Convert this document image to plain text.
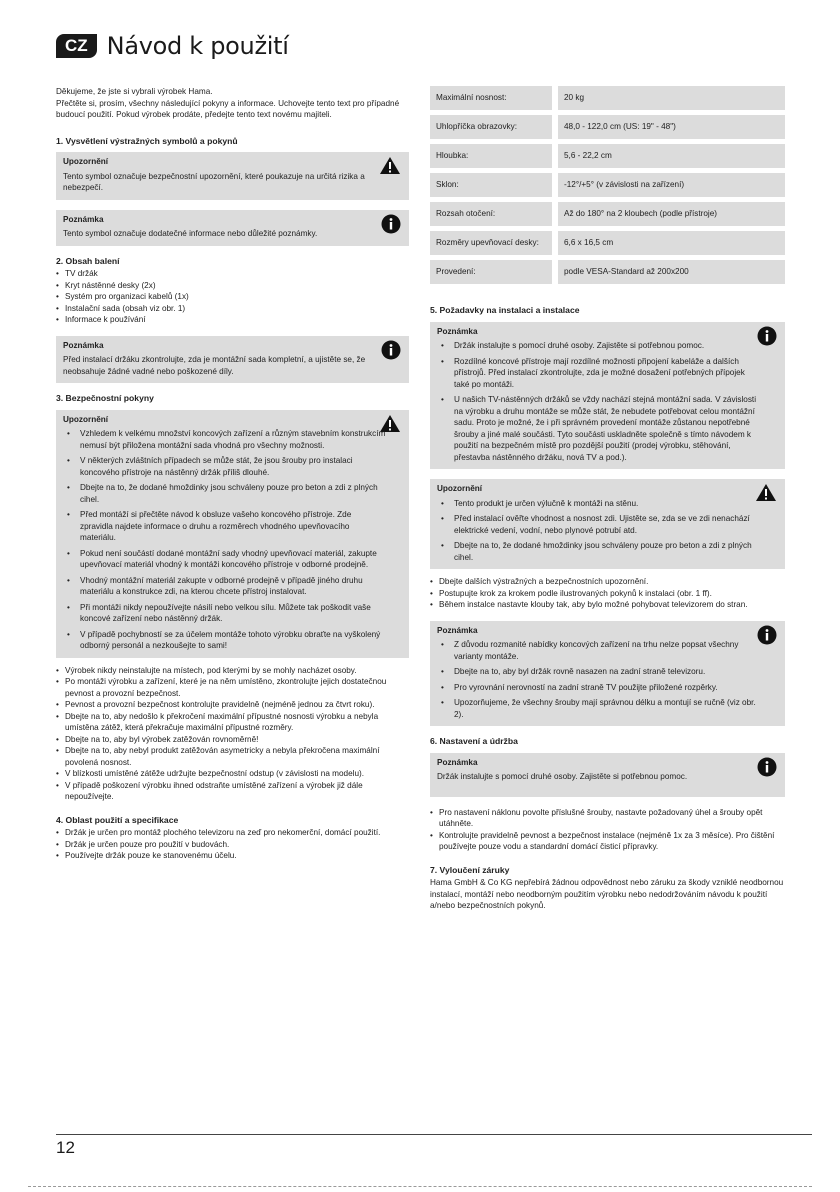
CZ Návod k použití

Děkujeme, že jste si vybrali výrobek Hama.

Přečtěte si, prosím, všechny následující pokyny a informace. Uchovejte tento text pro případné budoucí použití. Pokud výrobek prodáte, předejte tento text novému majiteli.

1. Vysvětlení výstražných symbolů a pokynů
Upozornění

Tento symbol označuje bezpečnostní upozornění, které poukazuje na určitá rizika a nebezpečí.

Poznámka

Tento symbol označuje dodatečné informace nebo důležité poznámky.

2. Obsah balení
• TV držák
• Kryt nástěnné desky (2x)
• Systém pro organizaci kabelů (1x)
• Instalační sada (obsah viz obr. 1)
• Informace k používání
Poznámka

Před instalací držáku zkontrolujte, zda je montážní sada kompletní, a ujistěte se, že neobsahuje žádné vadné nebo poškozené díly.

3. Bezpečnostní pokyny
Upozornění
• Vzhledem k velkému množství koncových zařízení a různým stavebním konstrukcím nemusí být přiložena montážní sada vhodná pro všechny možnosti.
• V některých zvláštních případech se může stát, že jsou šrouby pro instalaci koncového přístroje na nástěnný držák příliš dlouhé.
• Dbejte na to, že dodané hmoždinky jsou schváleny pouze pro beton a zdi z plných cihel.
• Před montáží si přečtěte návod k obsluze vašeho koncového přístroje. Zde zpravidla najdete informace o druhu a rozměrech vhodného upevňovacího materiálu.
• Pokud není součástí dodané montážní sady vhodný upevňovací materiál, zakupte upevňovací materiál vhodný k montáži koncového přístroje v odborné prodejně.
• Vhodný montážní materiál zakupte v odborné prodejně v případě jiného druhu materiálu a konstrukce zdi, na kterou chcete přístroj instalovat.
• Při montáži nikdy nepoužívejte násilí nebo velkou sílu. Můžete tak poškodit vaše koncové zařízení nebo nástěnný držák.
• V případě pochybností se za účelem montáže tohoto výrobku obraťte na vyškolený odborný personál a nezkoušejte to sami!
• Výrobek nikdy neinstalujte na místech, pod kterými by se mohly nacházet osoby.
• Po montáži výrobku a zařízení, které je na něm umístěno, zkontrolujte jejich dostatečnou pevnost a provozní bezpečnost.
• Pevnost a provozní bezpečnost kontrolujte pravidelně (nejméně jednou za čtvrt roku).
• Dbejte na to, aby nedošlo k překročení maximální přípustné nosnosti výrobku a nebyla umístěna zátěž, která překračuje maximální přípustné rozměry.
• Dbejte na to, aby byl výrobek zatěžován rovnoměrně!
• Dbejte na to, aby nebyl produkt zatěžován asymetricky a nebyla překročena maximální povolená nosnost.
• V blízkosti umístěné zátěže udržujte bezpečnostní odstup (v závislosti na modelu).
• V případě poškození výrobku ihned odstraňte umístěné zařízení a výrobek již dále nepoužívejte.
4. Oblast použití a specifikace
• Držák je určen pro montáž plochého televizoru na zeď pro nekomerční, domácí použití.
• Držák je určen pouze pro použití v budovách.
• Používejte držák pouze ke stanovenému účelu.
Maximální nosnost:	20 kg
Uhlopříčka obrazovky:	48,0 - 122,0 cm (US: 19" - 48")
Hloubka:	5,6 - 22,2 cm
Sklon:	-12°/+5° (v závislosti na zařízení)
Rozsah otočení:	Až do 180° na 2 kloubech (podle přístroje)
Rozměry upevňovací desky:	6,6 x 16,5 cm
Provedení:	podle VESA-Standard až 200x200
5. Požadavky na instalaci a instalace
Poznámka
• Držák instalujte s pomocí druhé osoby. Zajistěte si potřebnou pomoc.
• Rozdílné koncové přístroje mají rozdílné možnosti připojení kabeláže a dalších přístrojů. Před instalací zkontrolujte, zda je možné dosažení potřebných přípojek také po montáži.
• U našich TV-nástěnných držáků se vždy nachází stejná montážní sada. V závislosti na výrobku a druhu montáže se může stát, že nebudete potřebovat celou montážní sadu. Proto je možné, že i při správném provedení montáže zůstanou nepotřebné šrouby a jiné malé součásti. Tyto součásti uskladněte společně s tímto návodem k použití na bezpečném místě pro pozdější použití (prodej výrobku, stěhování, přestavba nástěnného držáku, nová TV a pod.).
Upozornění
• Tento produkt je určen výlučně k montáži na stěnu.
• Před instalací ověřte vhodnost a nosnost zdi. Ujistěte se, zda se ve zdi nenachází elektrické vedení, vodní, nebo plynové potrubí atd.
• Dbejte na to, že dodané hmoždinky jsou schváleny pouze pro beton a zdi z plných cihel.
• Dbejte dalších výstražných a bezpečnostních upozornění.
• Postupujte krok za krokem podle ilustrovaných pokynů k instalaci (obr. 1 ff).
• Během instalce nastavte klouby tak, aby bylo možné pohybovat televizorem do stran.
Poznámka
• Z důvodu rozmanité nabídky koncových zařízení na trhu nelze popsat všechny varianty montáže.
• Dbejte na to, aby byl držák rovně nasazen na zadní straně televizoru.
• Pro vyrovnání nerovností na zadní straně TV použijte přiložené rozpěrky.
• Upozorňujeme, že všechny šrouby mají správnou délku a montují se ručně (viz obr. 2).
6. Nastavení a údržba
Poznámka

Držák instalujte s pomocí druhé osoby. Zajistěte si potřebnou pomoc.

• Pro nastavení náklonu povolte příslušné šrouby, nastavte požadovaný úhel a šrouby opět utáhněte.
• Kontrolujte pravidelně pevnost a bezpečnost instalace (nejméně 1x za 3 měsíce). Pro čištění používejte pouze vodu a standardní domácí čisticí přípravky.
7. Vyloučení záruky

Hama GmbH & Co KG nepřebírá žádnou odpovědnost nebo záruku za škody vzniklé neodbornou instalací, montáží nebo neodborným použitím výrobku nebo nedodržováním návodu k použití a/nebo bezpečnostních pokynů.

12
